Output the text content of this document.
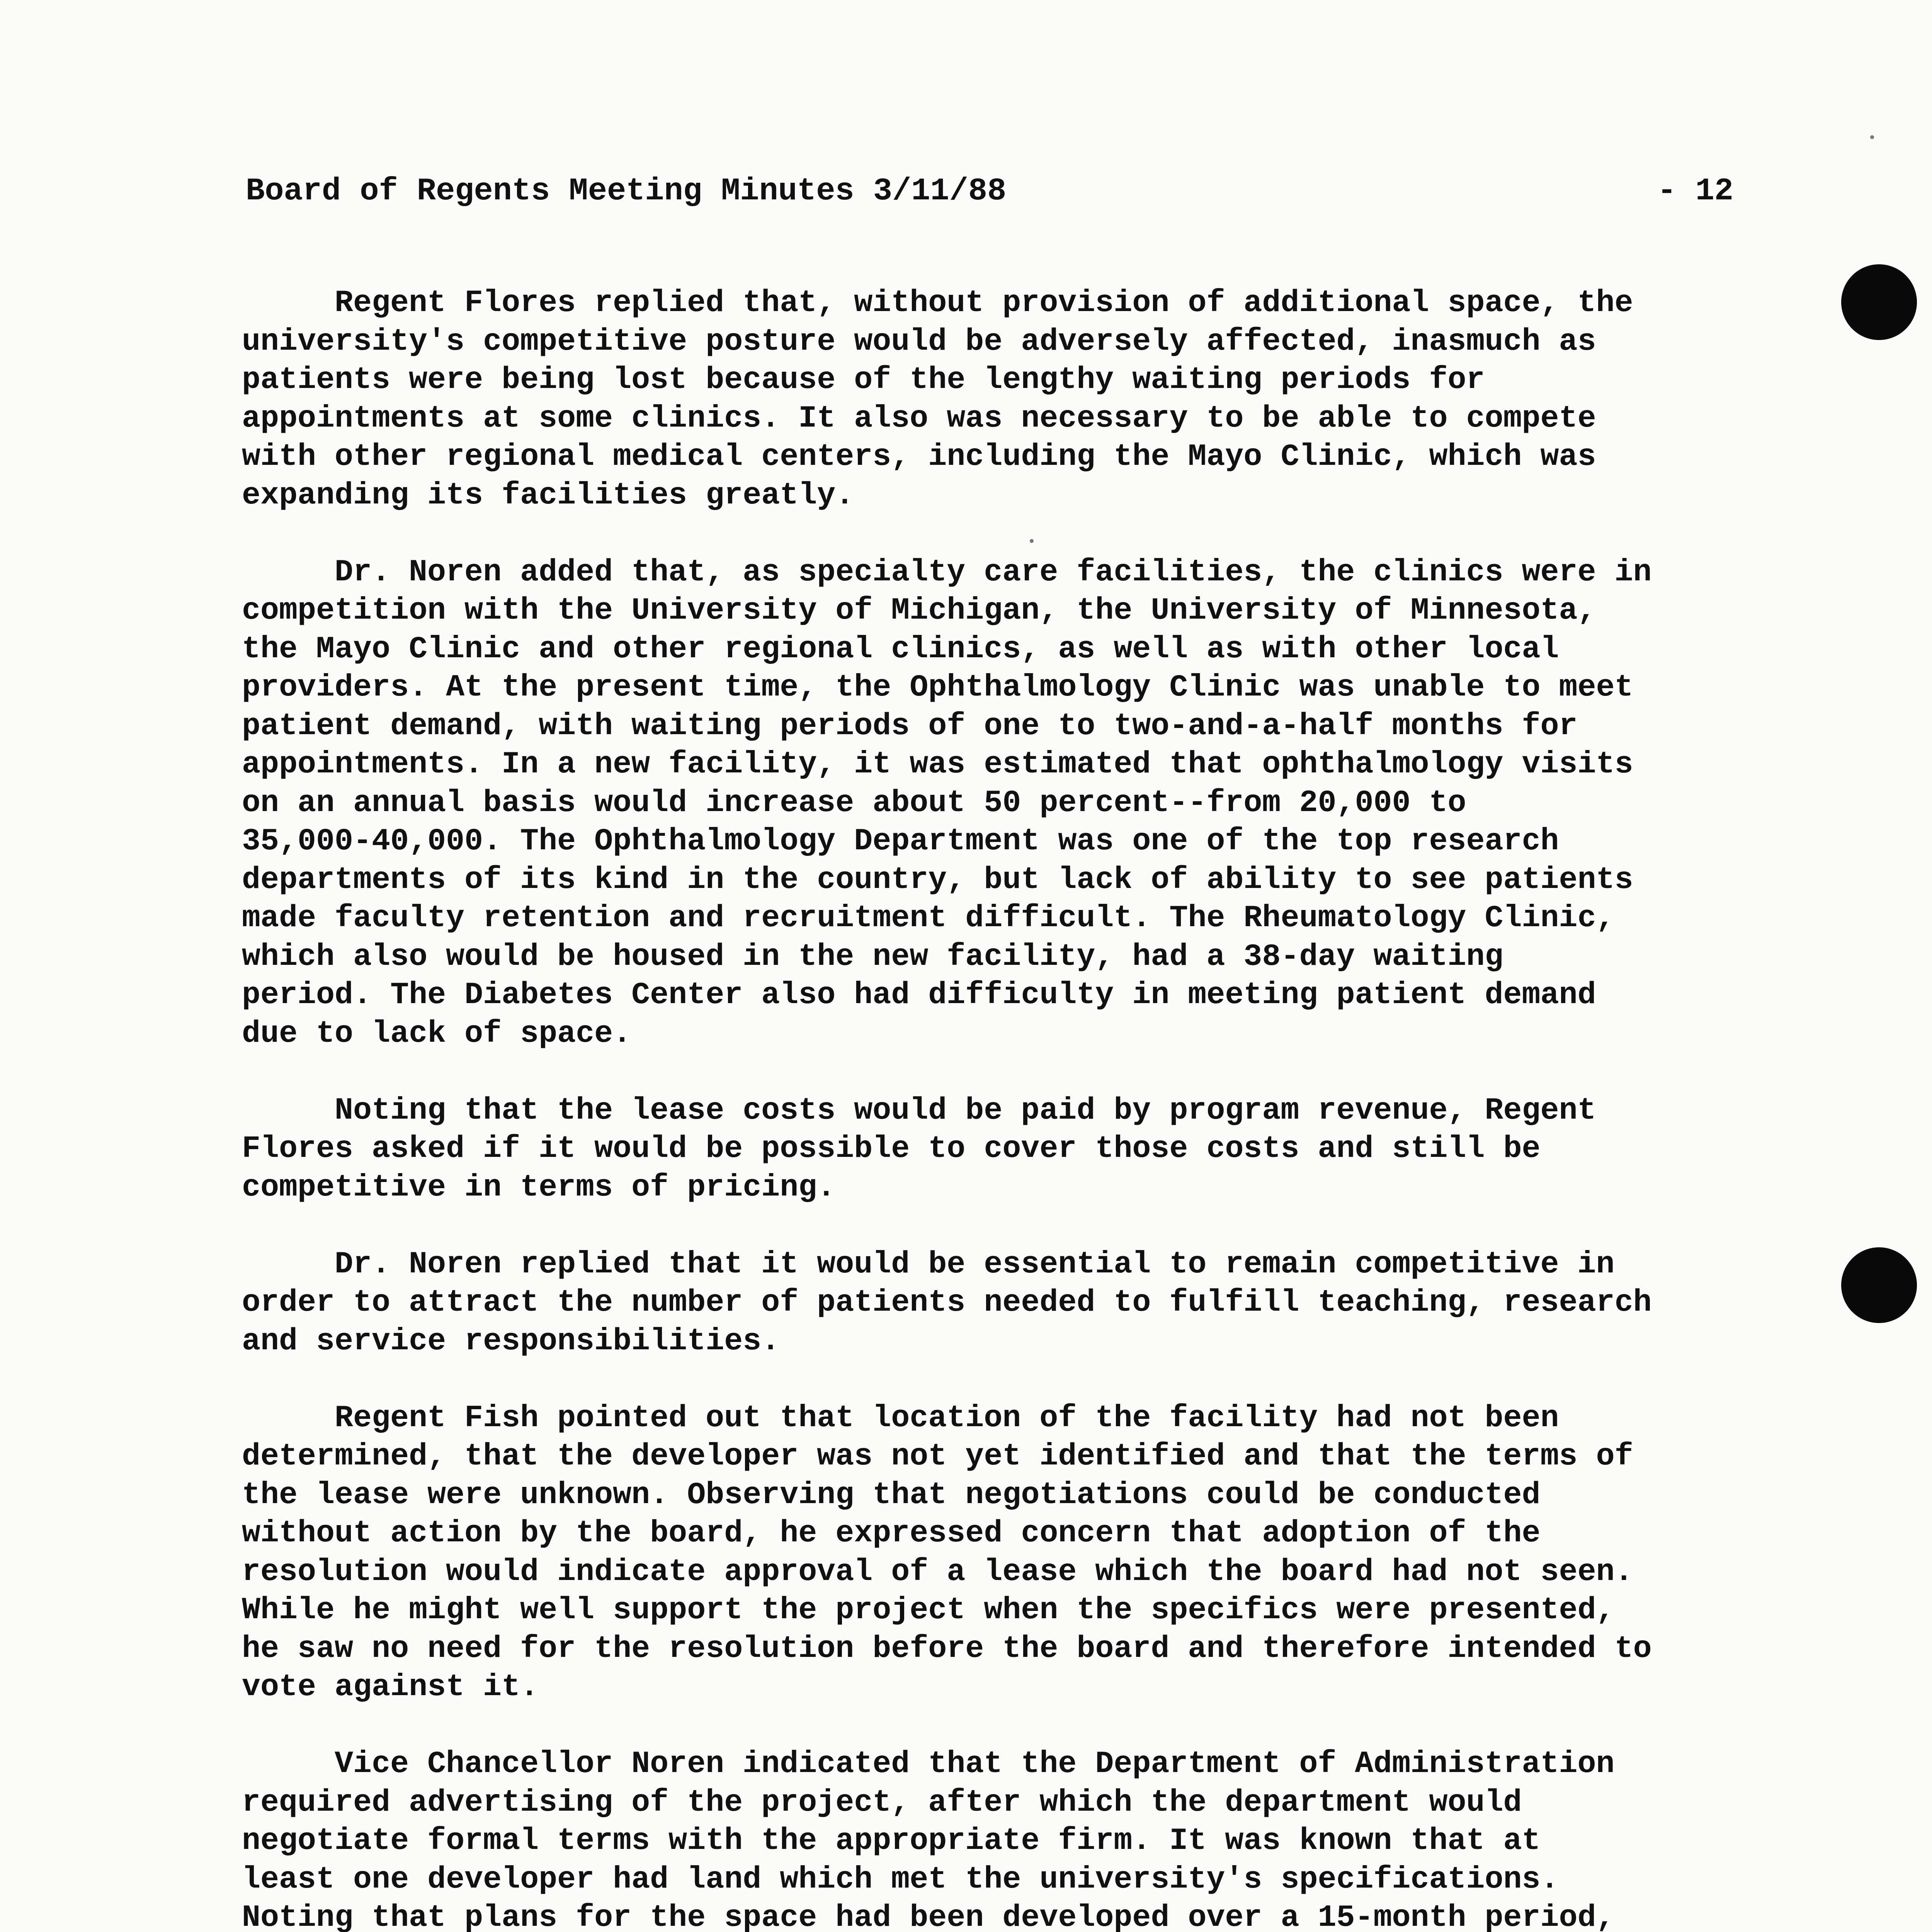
Board of Regents Meeting Minutes 3/11/88	- 12

Regent Flores replied that, without provision of additional space, the
university's competitive posture would be adversely affected, inasmuch as
patients were being lost because of the lengthy waiting periods for
appointments at some clinics. It also was necessary to be able to compete
with other regional medical centers, including the Mayo Clinic, which was
expanding its facilities greatly.

Dr. Noren added that, as specialty care facilities, the clinics were in
competition with the University of Michigan, the University of Minnesota,
the Mayo Clinic and other regional clinics, as well as with other local
providers. At the present time, the Ophthalmology Clinic was unable to meet
patient demand, with waiting periods of one to two-and-a-half months for
appointments. In a new facility, it was estimated that ophthalmology visits
on an annual basis would increase about 50 percent--from 20,000 to
35,000-40,000. The Ophthalmology Department was one of the top research
departments of its kind in the country, but lack of ability to see patients
made faculty retention and recruitment difficult. The Rheumatology Clinic,
which also would be housed in the new facility, had a 38-day waiting
period. The Diabetes Center also had difficulty in meeting patient demand
due to lack of space.

Noting that the lease costs would be paid by program revenue, Regent
Flores asked if it would be possible to cover those costs and still be
competitive in terms of pricing.

Dr. Noren replied that it would be essential to remain competitive in
order to attract the number of patients needed to fulfill teaching, research
and service responsibilities.

Regent Fish pointed out that location of the facility had not been
determined, that the developer was not yet identified and that the terms of
the lease were unknown. Observing that negotiations could be conducted
without action by the board, he expressed concern that adoption of the
resolution would indicate approval of a lease which the board had not seen.
While he might well support the project when the specifics were presented,
he saw no need for the resolution before the board and therefore intended to
vote against it.

Vice Chancellor Noren indicated that the Department of Administration
required advertising of the project, after which the department would
negotiate formal terms with the appropriate firm. It was known that at
least one developer had land which met the university's specifications.
Noting that plans for the space had been developed over a 15-month period,
